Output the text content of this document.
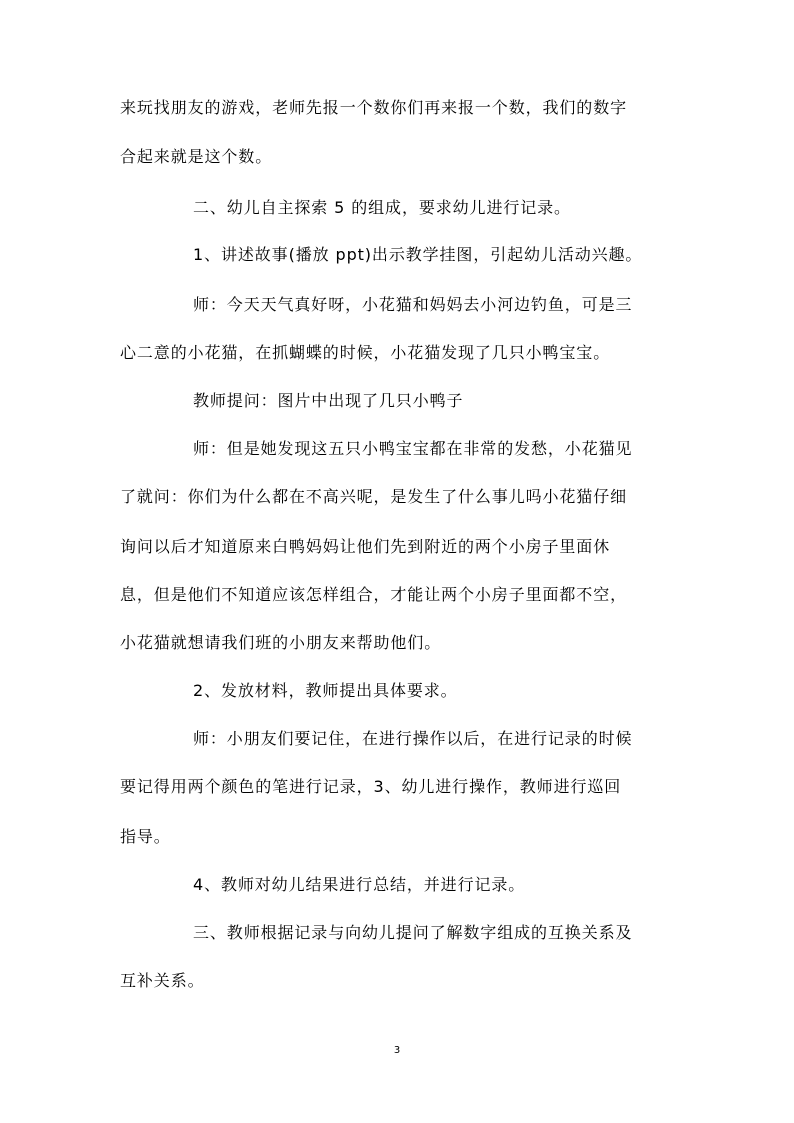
来玩找朋友的游戏，老师先报一个数你们再来报一个数，我们的数字
合起来就是这个数。
二、幼儿自主探索 5 的组成，要求幼儿进行记录。
1、讲述故事(播放 ppt)出示教学挂图，引起幼儿活动兴趣。
师：今天天气真好呀，小花猫和妈妈去小河边钓鱼，可是三
心二意的小花猫，在抓蝴蝶的时候，小花猫发现了几只小鸭宝宝。
教师提问：图片中出现了几只小鸭子
师：但是她发现这五只小鸭宝宝都在非常的发愁，小花猫见
了就问：你们为什么都在不高兴呢，是发生了什么事儿吗小花猫仔细
询问以后才知道原来白鸭妈妈让他们先到附近的两个小房子里面休
息，但是他们不知道应该怎样组合，才能让两个小房子里面都不空，
小花猫就想请我们班的小朋友来帮助他们。
2、发放材料，教师提出具体要求。
师：小朋友们要记住，在进行操作以后，在进行记录的时候
要记得用两个颜色的笔进行记录，3、幼儿进行操作，教师进行巡回
指导。
4、教师对幼儿结果进行总结，并进行记录。
三、教师根据记录与向幼儿提问了解数字组成的互换关系及
互补关系。
3
